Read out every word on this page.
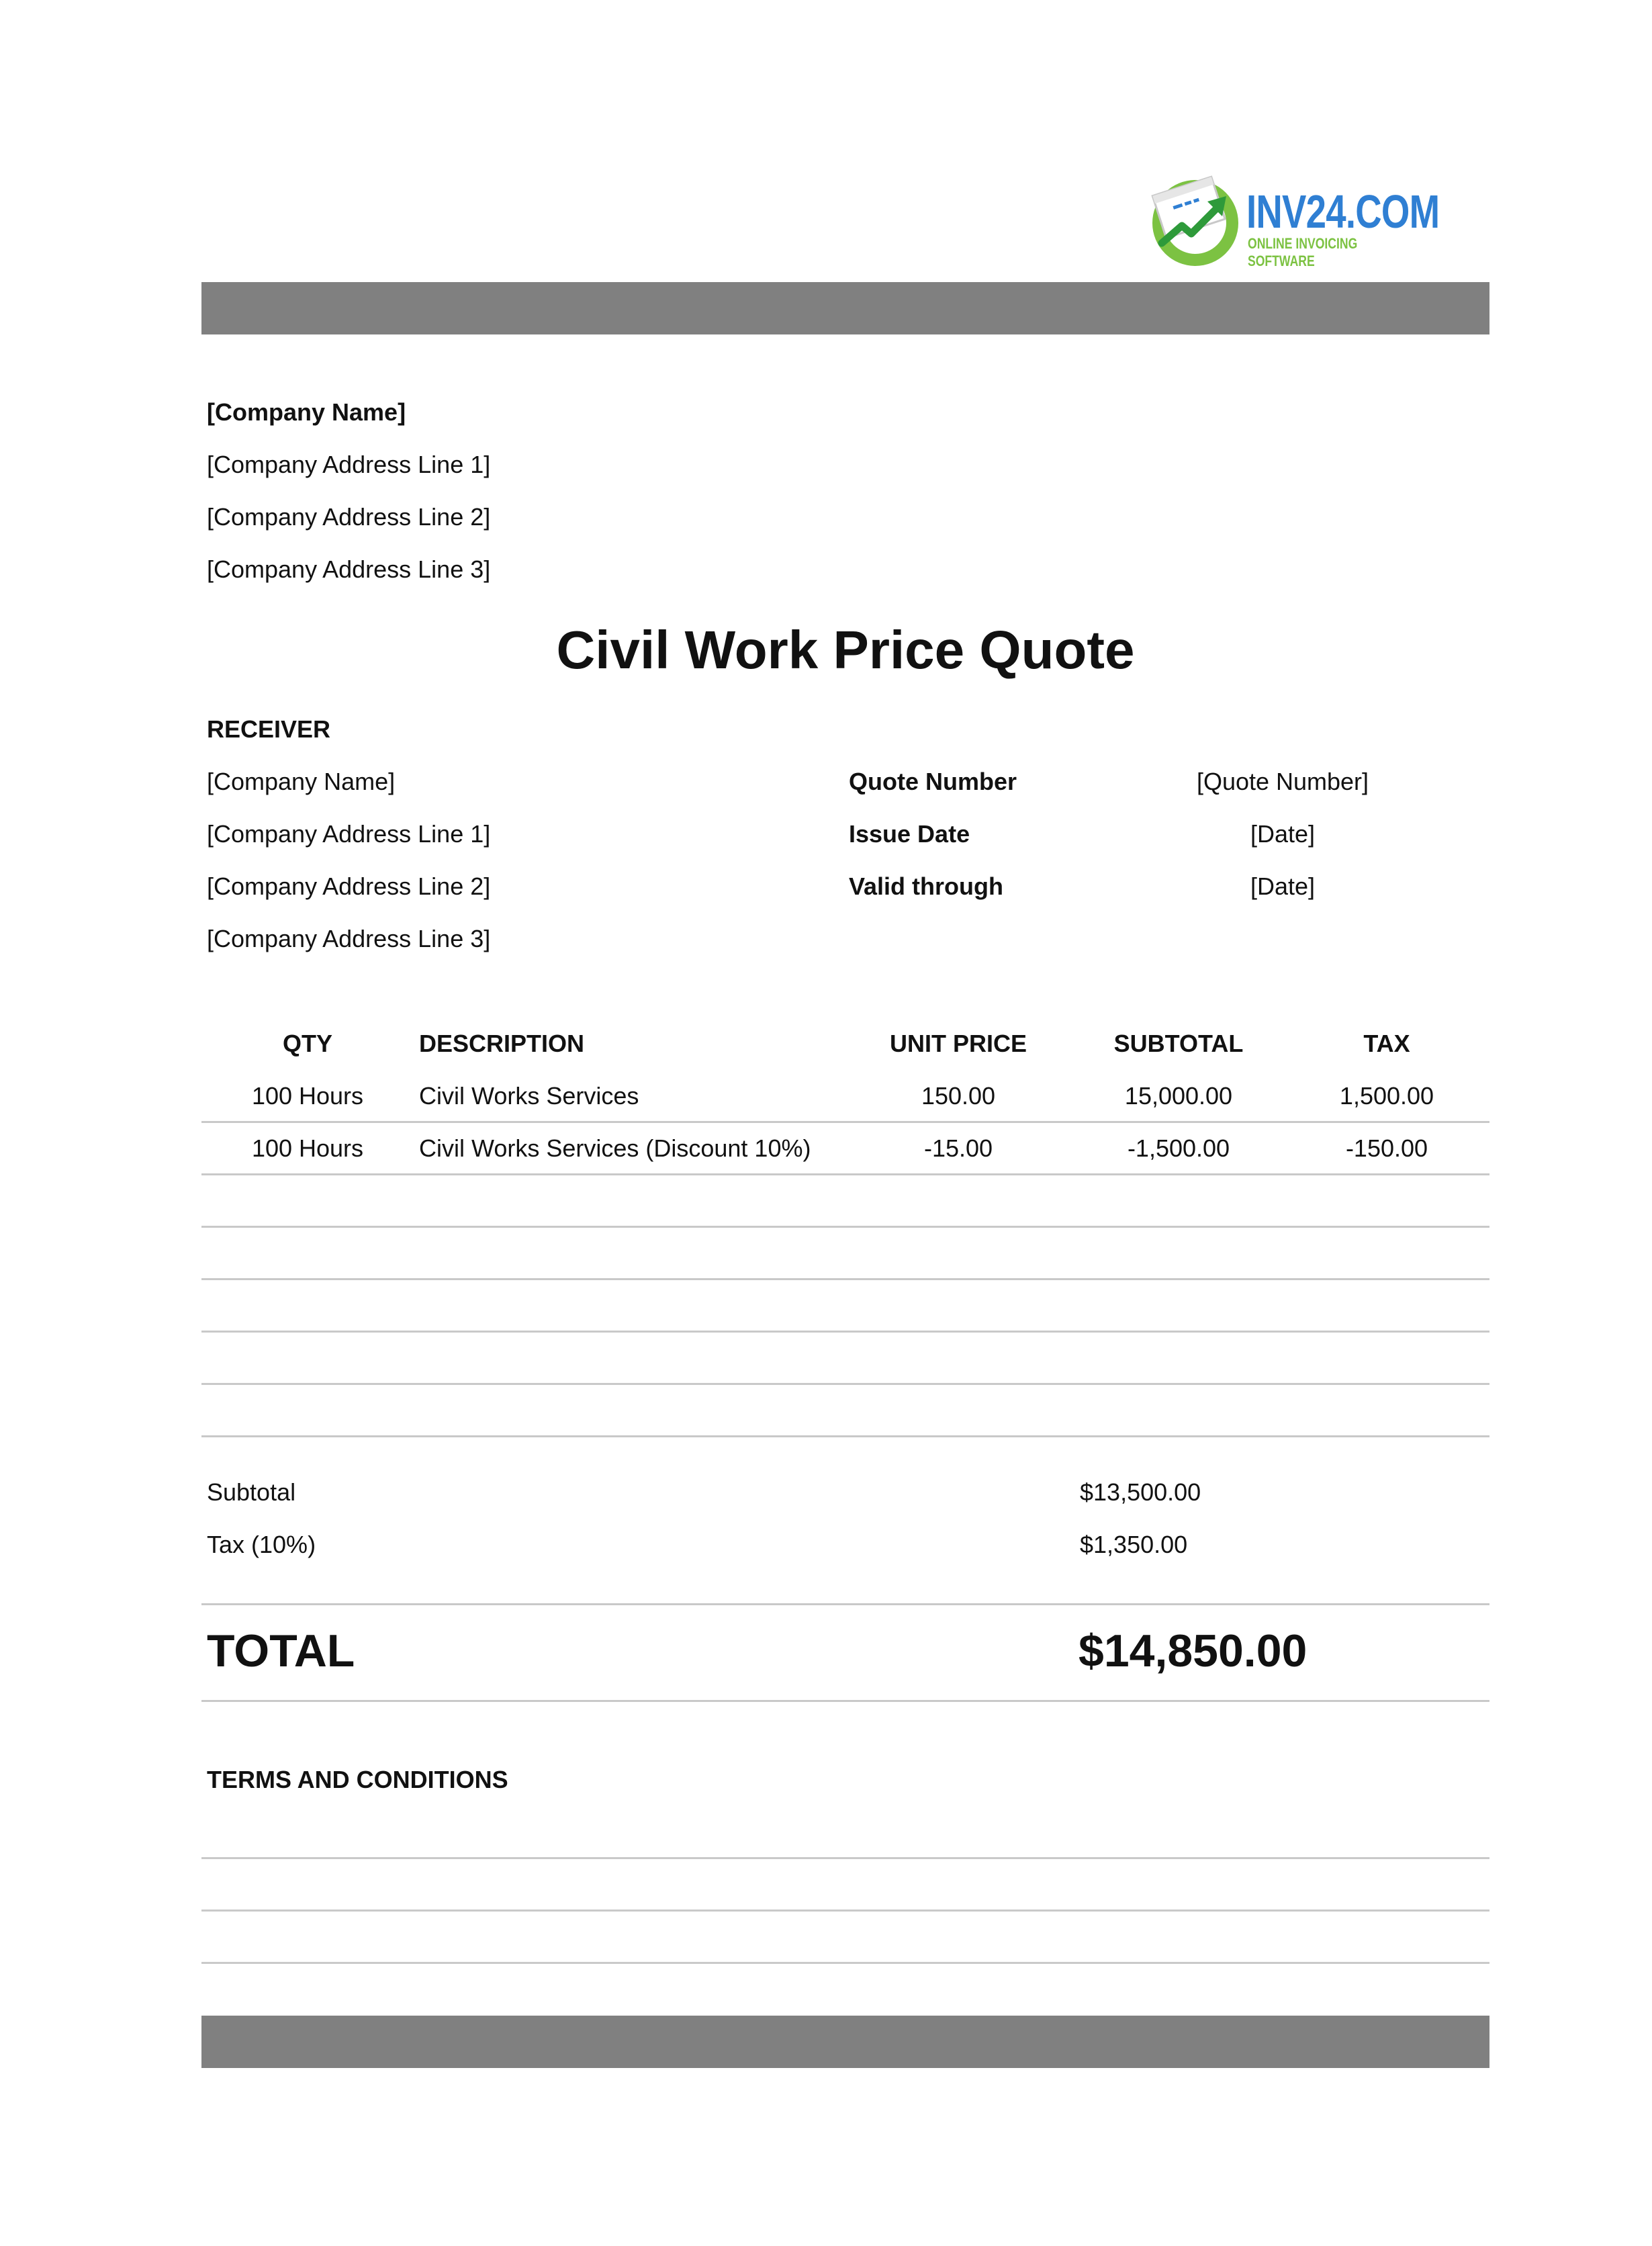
INV24.COM
ONLINE INVOICING SOFTWARE
[Company Name]
[Company Address Line 1]
[Company Address Line 2]
[Company Address Line 3]
Civil Work Price Quote
RECEIVER
[Company Name]
[Company Address Line 1]
[Company Address Line 2]
[Company Address Line 3]
Quote Number	[Quote Number]
Issue Date	[Date]
Valid through	[Date]
QTY	DESCRIPTION	UNIT PRICE	SUBTOTAL	TAX
100 Hours	Civil Works Services	150.00	15,000.00	1,500.00
100 Hours	Civil Works Services (Discount 10%)	-15.00	-1,500.00	-150.00
Subtotal	$13,500.00
Tax (10%)	$1,350.00
TOTAL	$14,850.00
TERMS AND CONDITIONS
